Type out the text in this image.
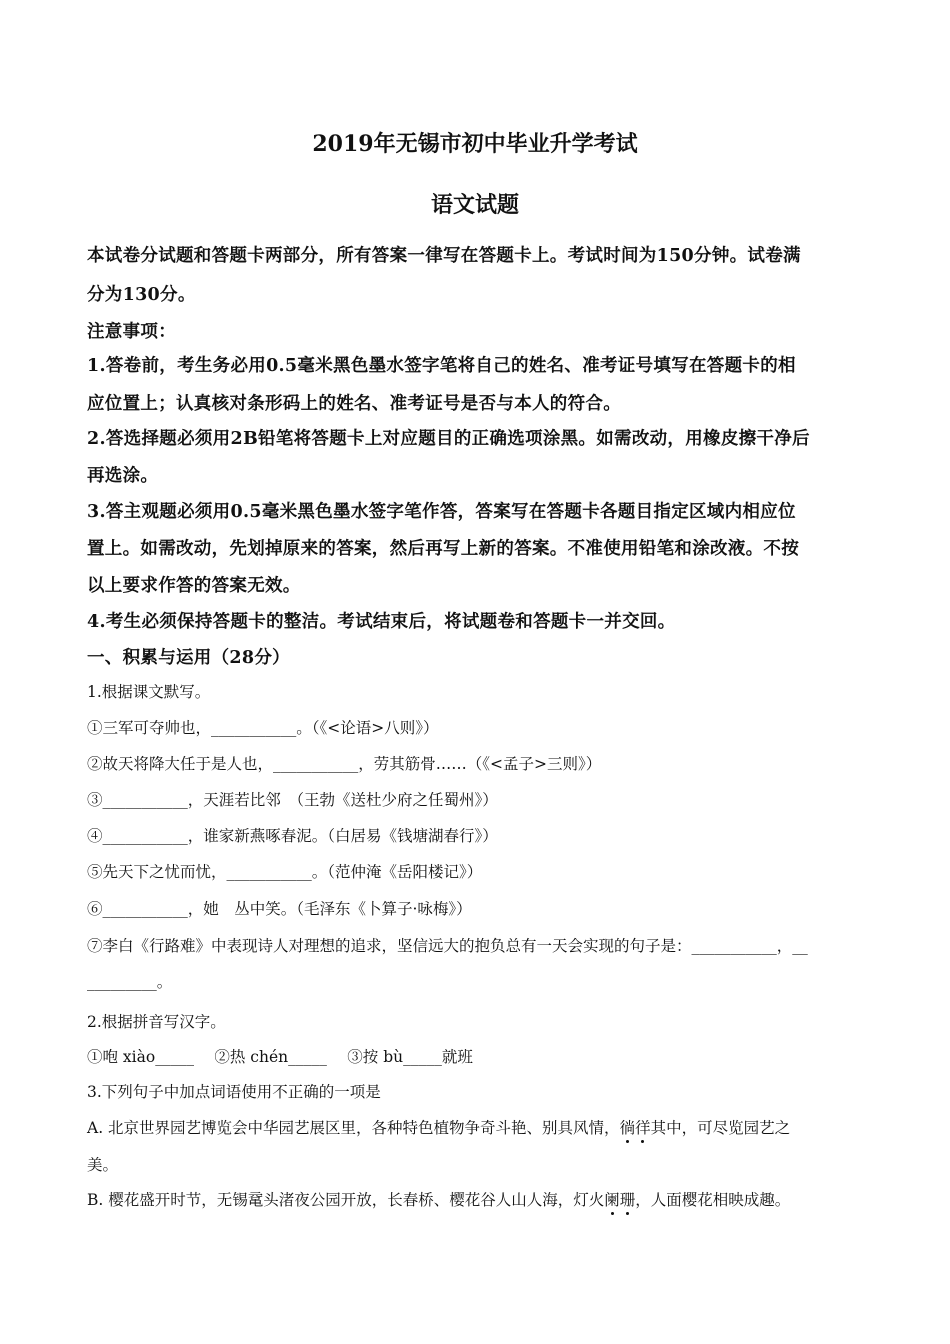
2019年无锡市初中毕业升学考试
语文试题
本试卷分试题和答题卡两部分，所有答案一律写在答题卡上。考试时间为150分钟。试卷满
分为130分。
注意事项：
1.答卷前，考生务必用0.5毫米黑色墨水签字笔将自己的姓名、准考证号填写在答题卡的相
应位置上；认真核对条形码上的姓名、准考证号是否与本人的符合。
2.答选择题必须用2B铅笔将答题卡上对应题目的正确选项涂黑。如需改动，用橡皮擦干净后
再选涂。
3.答主观题必须用0.5毫米黑色墨水签字笔作答，答案写在答题卡各题目指定区域内相应位
置上。如需改动，先划掉原来的答案，然后再写上新的答案。不准使用铅笔和涂改液。不按
以上要求作答的答案无效。
4.考生必须保持答题卡的整洁。考试结束后，将试题卷和答题卡一并交回。
一、积累与运用（28分）
1.根据课文默写。
①三军可夺帅也，___________。（《<论语>八则》）
②故天将降大任于是人也，___________，劳其筋骨……（《<孟子>三则》）
③___________，天涯若比邻　（王勃《送杜少府之任蜀州》）
④___________，谁家新燕啄春泥。（白居易《钱塘湖春行》）
⑤先天下之忧而忧，___________。（范仲淹《岳阳楼记》）
⑥___________，她　丛中笑。（毛泽东《卜算子·咏梅》）
⑦李白《行路难》中表现诗人对理想的追求，坚信远大的抱负总有一天会实现的句子是：___________，__
_________。
2.根据拼音写汉字。
①咆 xiào_____　 ②热 chén_____　 ③按 bù_____就班
3.下列句子中加点词语使用不正确的一项是
A. 北京世界园艺博览会中华园艺展区里，各种特色植物争奇斗艳、别具风情，徜徉其中，可尽览园艺之
美。
B. 樱花盛开时节，无锡鼋头渚夜公园开放，长春桥、樱花谷人山人海，灯火阑珊，人面樱花相映成趣。
